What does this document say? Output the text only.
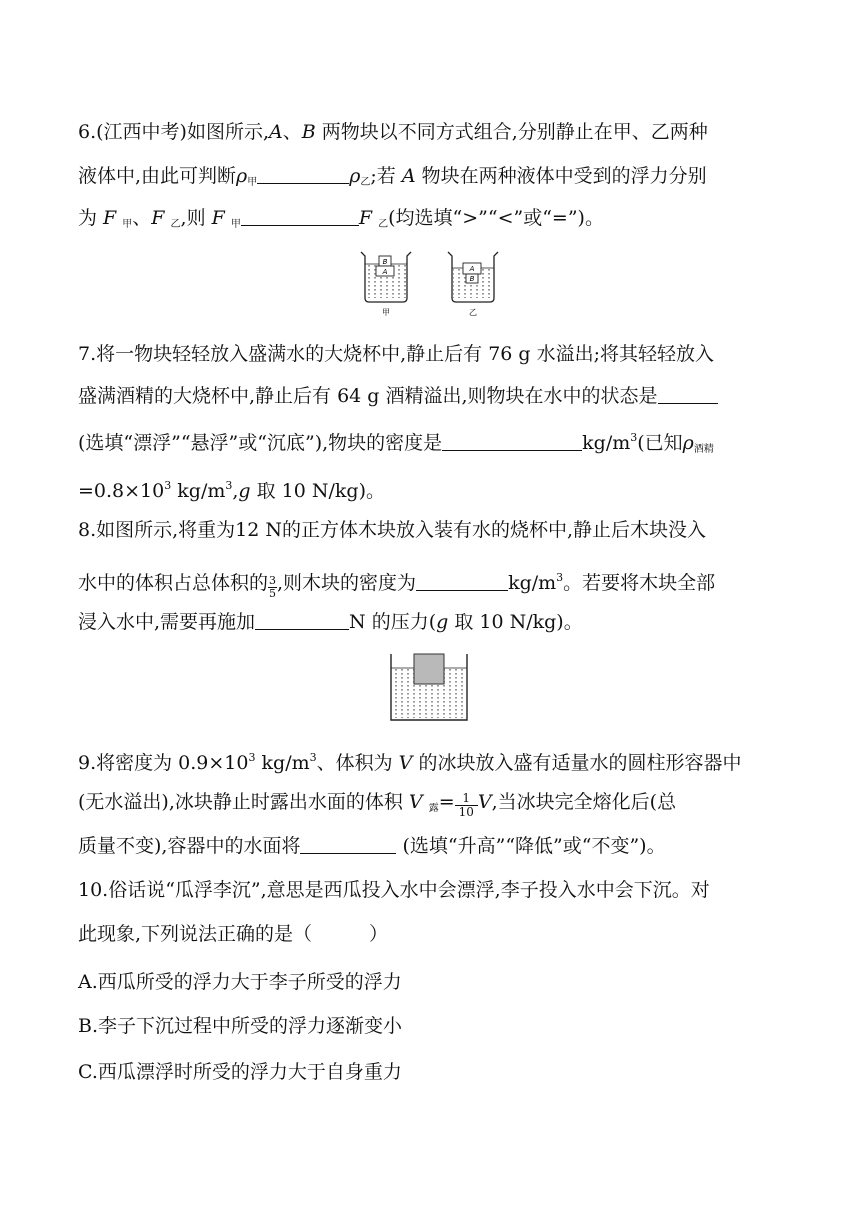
6.(江西中考)如图所示,A、B 两物块以不同方式组合,分别静止在甲、乙两种
液体中,由此可判断$\rho_甲$	$\rho_乙$;若 A 物块在两种液体中受到的浮力分别
为 F $_甲$、F $_乙$,则 F $_甲$	F $_乙$(均选填“>”“<”或“=”)。
B
A
甲
A
B
乙
7.将一物块轻轻放入盛满水的大烧杯中,静止后有 76 g 水溢出;将其轻轻放入
盛满酒精的大烧杯中,静止后有 64 g 酒精溢出,则物块在水中的状态是
(选填“漂浮”“悬浮”或“沉底”),物块的密度是	$kg/m^3$(已知$\rho_{酒精}$
$=0.8\times 10^3$ $kg/m^3,g$ 取 10 N/kg)。
8.如图所示,将重为12 N的正方体木块放入装有水的烧杯中,静止后木块没入
水中的体积占总体积的 $\frac{3}{5}$ ,则木块的密度为	$kg/m^3$。若要将木块全部
浸入水中,需要再施加	N 的压力(g 取 10 N/kg)。
9.将密度为 $0.9\times 10^3$ $kg/m^3$、体积为 V 的冰块放入盛有适量水的圆柱形容器中
(无水溢出),冰块静止时露出水面的体积 V $_露= \frac{1}{10} V$,当冰块完全熔化后(总
质量不变),容器中的水面将	(选填“升高”“降低”或“不变”)。
10.俗话说“瓜浮李沉”,意思是西瓜投入水中会漂浮,李子投入水中会下沉。对
此现象,下列说法正确的是（　　　）
A.西瓜所受的浮力大于李子所受的浮力
B.李子下沉过程中所受的浮力逐渐变小
C.西瓜漂浮时所受的浮力大于自身重力
